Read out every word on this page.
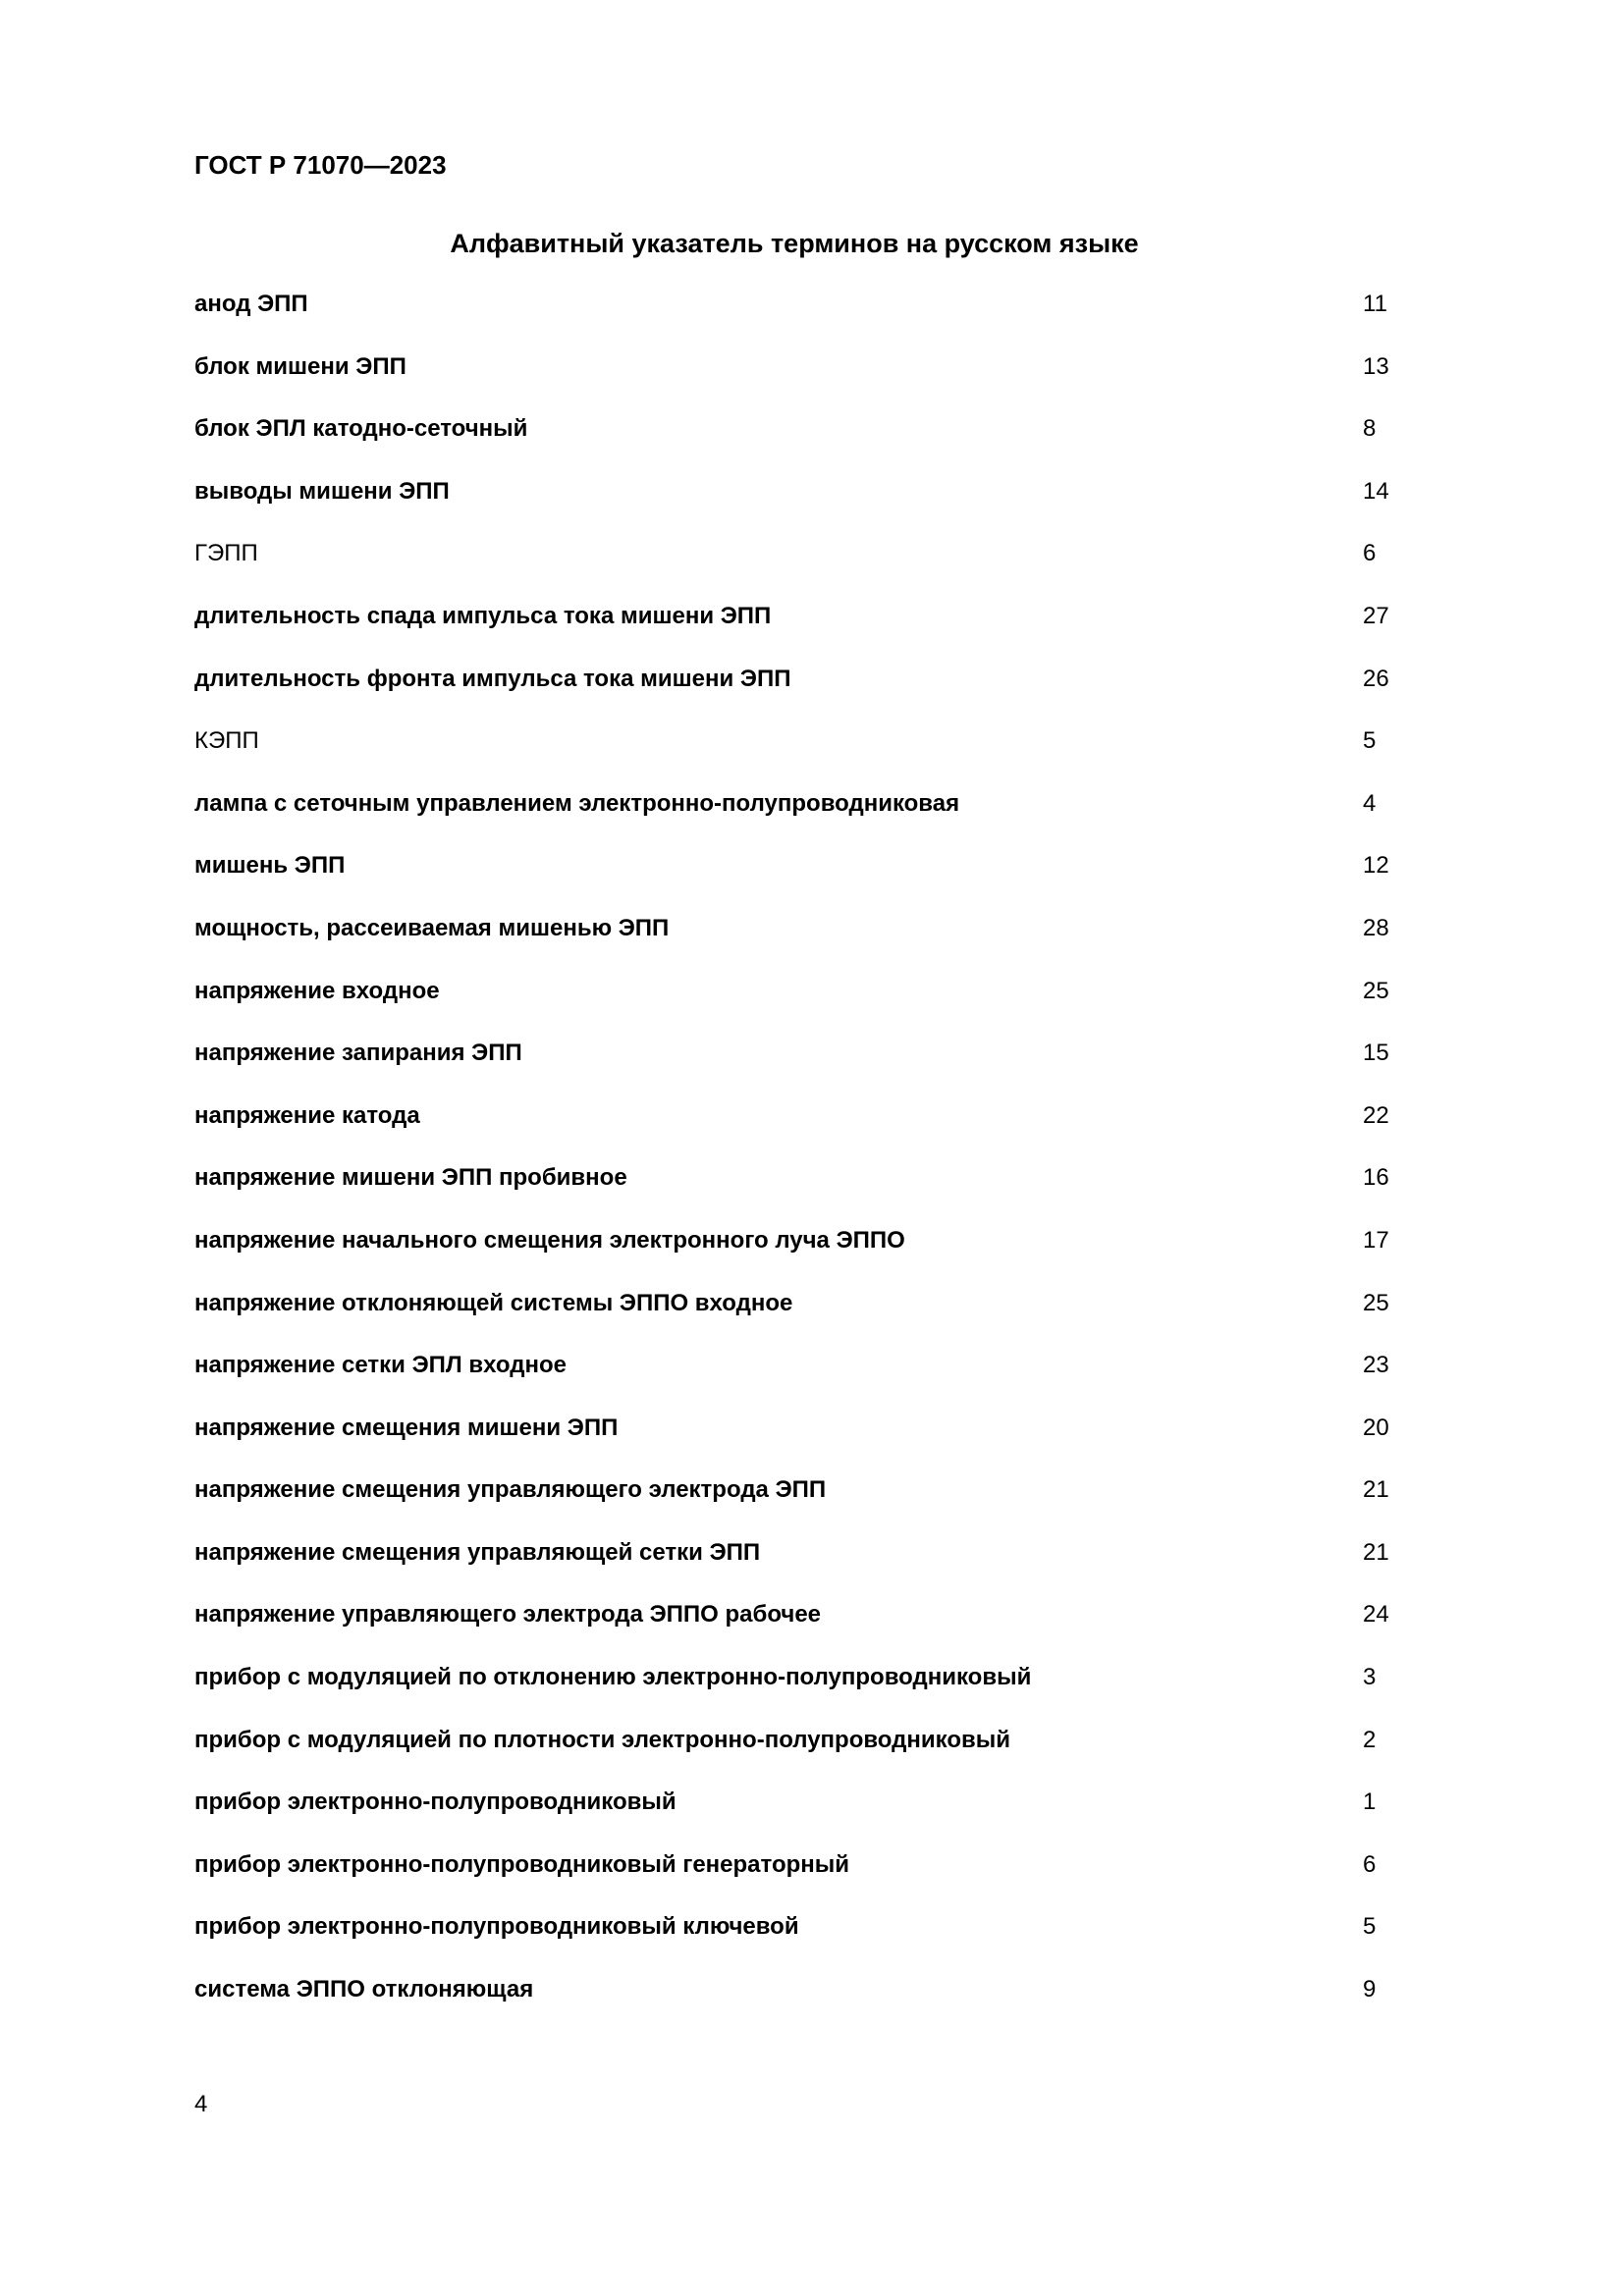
ГОСТ Р 71070—2023
Алфавитный указатель терминов на русском языке
анод ЭПП	11
блок мишени ЭПП	13
блок ЭПЛ катодно-сеточный	8
выводы мишени ЭПП	14
ГЭПП	6
длительность спада импульса тока мишени ЭПП	27
длительность фронта импульса тока мишени ЭПП	26
КЭПП	5
лампа с сеточным управлением электронно-полупроводниковая	4
мишень ЭПП	12
мощность, рассеиваемая мишенью ЭПП	28
напряжение входное	25
напряжение запирания ЭПП	15
напряжение катода	22
напряжение мишени ЭПП пробивное	16
напряжение начального смещения электронного луча ЭППО	17
напряжение отклоняющей системы ЭППО входное	25
напряжение сетки ЭПЛ входное	23
напряжение смещения мишени ЭПП	20
напряжение смещения управляющего электрода ЭПП	21
напряжение смещения управляющей сетки ЭПП	21
напряжение управляющего электрода ЭППО рабочее	24
прибор с модуляцией по отклонению электронно-полупроводниковый	3
прибор с модуляцией по плотности электронно-полупроводниковый	2
прибор электронно-полупроводниковый	1
прибор электронно-полупроводниковый генераторный	6
прибор электронно-полупроводниковый ключевой	5
система ЭППО отклоняющая	9
4
